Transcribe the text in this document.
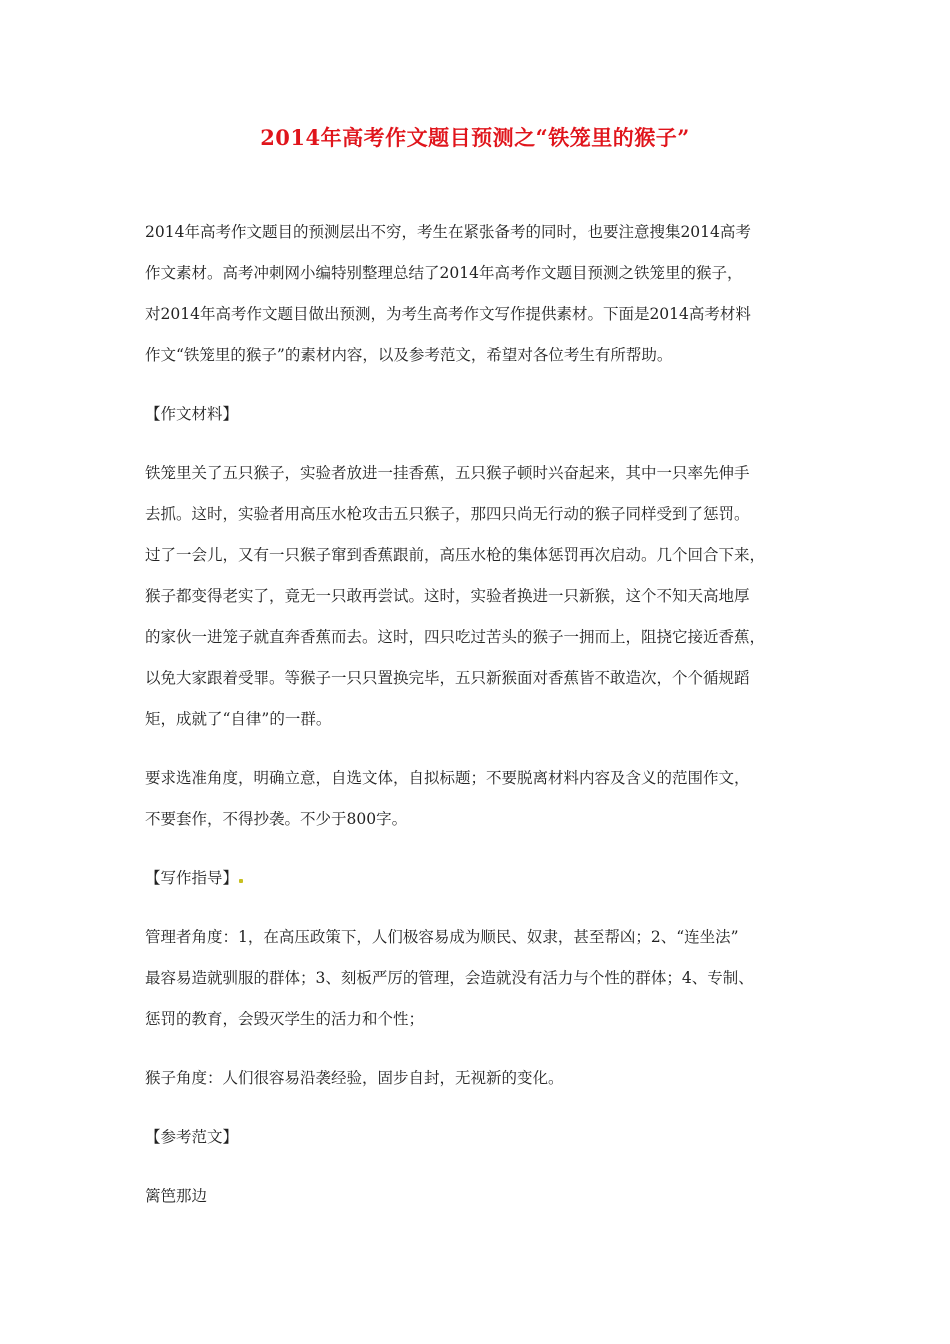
2014年高考作文题目预测之“铁笼里的猴子”
2014年高考作文题目的预测层出不穷，考生在紧张备考的同时，也要注意搜集2014高考
作文素材。高考冲刺网小编特别整理总结了2014年高考作文题目预测之铁笼里的猴子，
对2014年高考作文题目做出预测，为考生高考作文写作提供素材。下面是2014高考材料
作文“铁笼里的猴子”的素材内容，以及参考范文，希望对各位考生有所帮助。
【作文材料】
铁笼里关了五只猴子，实验者放进一挂香蕉，五只猴子顿时兴奋起来，其中一只率先伸手
去抓。这时，实验者用高压水枪攻击五只猴子，那四只尚无行动的猴子同样受到了惩罚。
过了一会儿，又有一只猴子窜到香蕉跟前，高压水枪的集体惩罚再次启动。几个回合下来，
猴子都变得老实了，竟无一只敢再尝试。这时，实验者换进一只新猴，这个不知天高地厚
的家伙一进笼子就直奔香蕉而去。这时，四只吃过苦头的猴子一拥而上，阻挠它接近香蕉，
以免大家跟着受罪。等猴子一只只置换完毕，五只新猴面对香蕉皆不敢造次，个个循规蹈
矩，成就了“自律”的一群。
要求选准角度，明确立意，自选文体，自拟标题；不要脱离材料内容及含义的范围作文，
不要套作，不得抄袭。不少于800字。
【写作指导】
管理者角度：1，在高压政策下，人们极容易成为顺民、奴隶，甚至帮凶；2、“连坐法”
最容易造就驯服的群体；3、刻板严厉的管理，会造就没有活力与个性的群体；4、专制、
惩罚的教育，会毁灭学生的活力和个性；
猴子角度：人们很容易沿袭经验，固步自封，无视新的变化。
【参考范文】
篱笆那边
